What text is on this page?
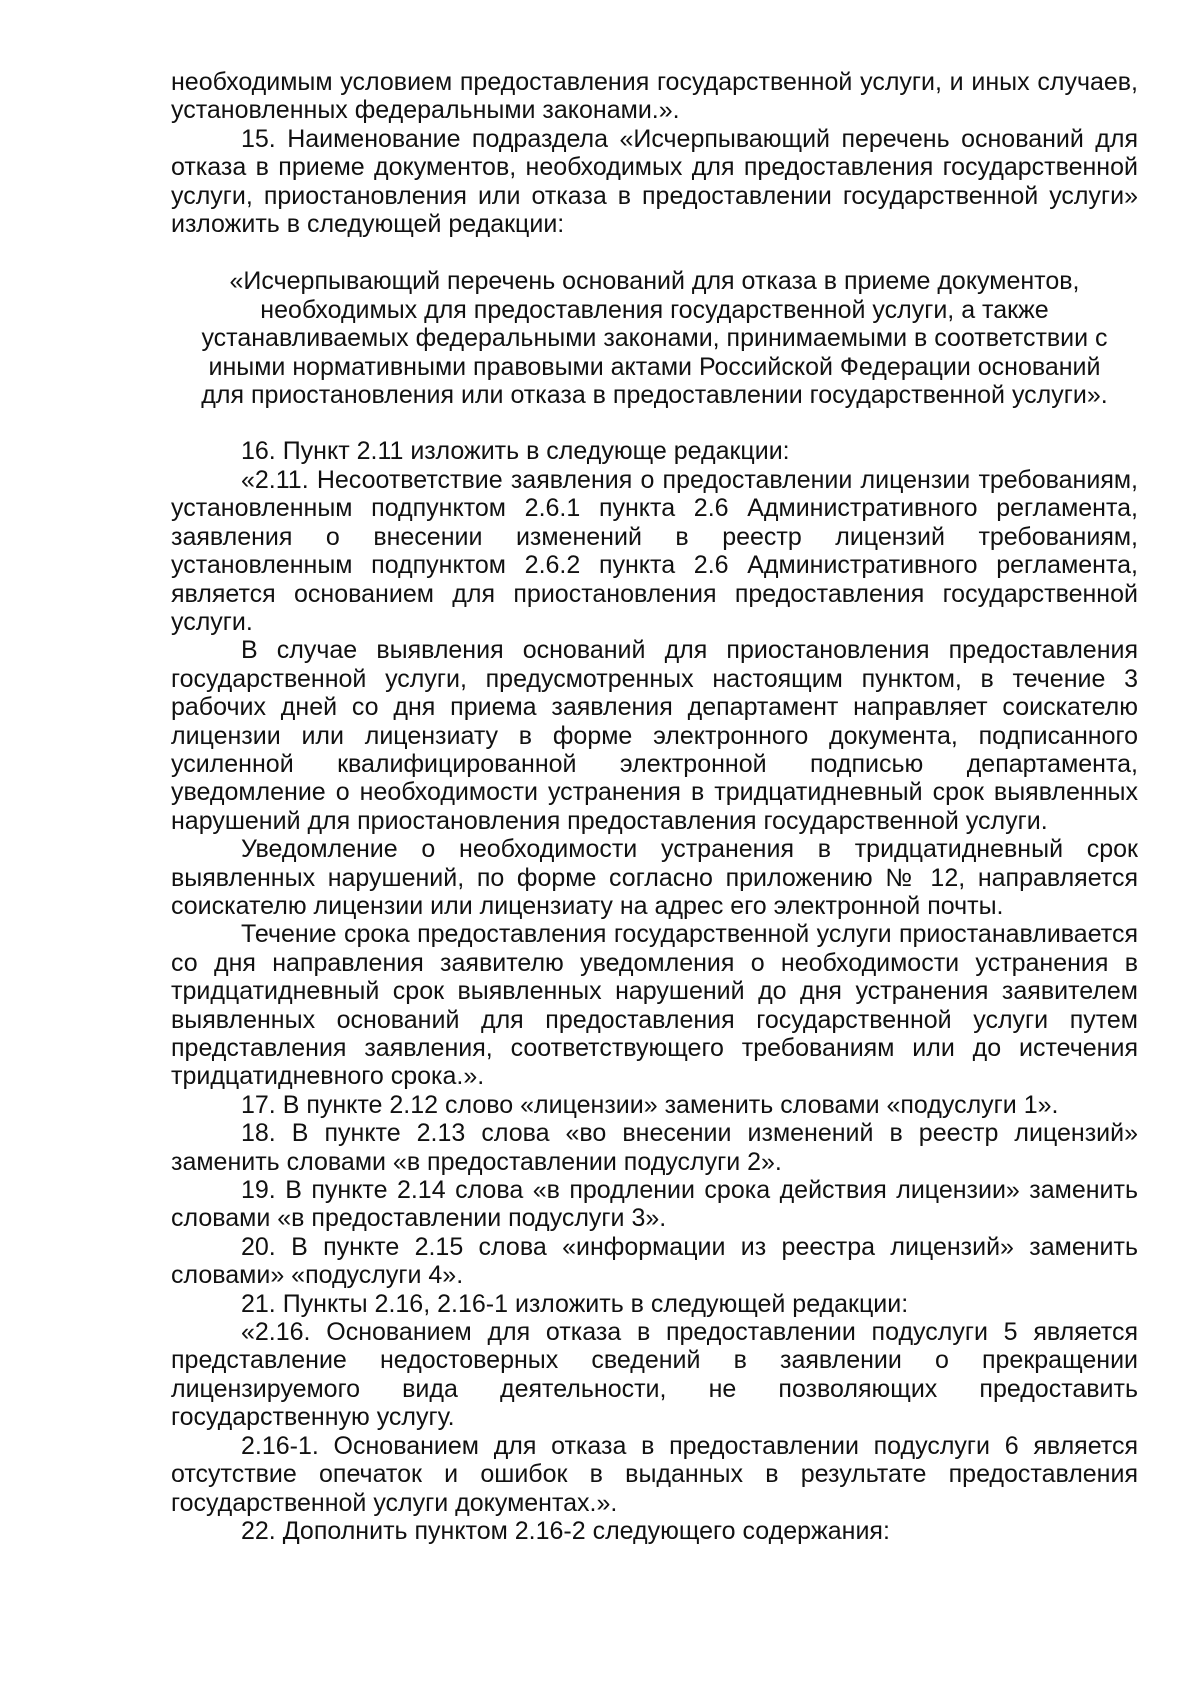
необходимым условием предоставления государственной услуги, и иных случаев, установленных федеральными законами.».

15. Наименование подраздела «Исчерпывающий перечень оснований для отказа в приеме документов, необходимых для предоставления государственной услуги, приостановления или отказа в предоставлении государственной услуги» изложить в следующей редакции:

«Исчерпывающий перечень оснований для отказа в приеме документов,
необходимых для предоставления государственной услуги, а также
устанавливаемых федеральными законами, принимаемыми в соответствии с
иными нормативными правовыми актами Российской Федерации оснований
для приостановления или отказа в предоставлении государственной услуги».

16. Пункт 2.11 изложить в следующе редакции:

«2.11. Несоответствие заявления о предоставлении лицензии требованиям, установленным подпунктом 2.6.1 пункта 2.6 Административного регламента, заявления о внесении изменений в реестр лицензий требованиям, установленным подпунктом 2.6.2 пункта 2.6 Административного регламента, является основанием для приостановления предоставления государственной услуги.

В случае выявления оснований для приостановления предоставления государственной услуги, предусмотренных настоящим пунктом, в течение 3 рабочих дней со дня приема заявления департамент направляет соискателю лицензии или лицензиату в форме электронного документа, подписанного усиленной квалифицированной электронной подписью департамента, уведомление о необходимости устранения в тридцатидневный срок выявленных нарушений для приостановления предоставления государственной услуги.

Уведомление о необходимости устранения в тридцатидневный срок выявленных нарушений, по форме согласно приложению № 12, направляется соискателю лицензии или лицензиату на адрес его электронной почты.

Течение срока предоставления государственной услуги приостанавливается со дня направления заявителю уведомления о необходимости устранения в тридцатидневный срок выявленных нарушений до дня устранения заявителем выявленных оснований для предоставления государственной услуги путем представления заявления, соответствующего требованиям или до истечения тридцатидневного срока.».

17. В пункте 2.12 слово «лицензии» заменить словами «подуслуги 1».

18. В пункте 2.13 слова «во внесении изменений в реестр лицензий» заменить словами «в предоставлении подуслуги 2».

19. В пункте 2.14 слова «в продлении срока действия лицензии» заменить словами «в предоставлении подуслуги 3».

20. В пункте 2.15 слова «информации из реестра лицензий» заменить словами» «подуслуги 4».

21. Пункты 2.16, 2.16-1 изложить в следующей редакции:

«2.16. Основанием для отказа в предоставлении подуслуги 5 является представление недостоверных сведений в заявлении о прекращении лицензируемого вида деятельности, не позволяющих предоставить государственную услугу.

2.16-1. Основанием для отказа в предоставлении подуслуги 6 является отсутствие опечаток и ошибок в выданных в результате предоставления государственной услуги документах.».

22. Дополнить пунктом 2.16-2 следующего содержания:
